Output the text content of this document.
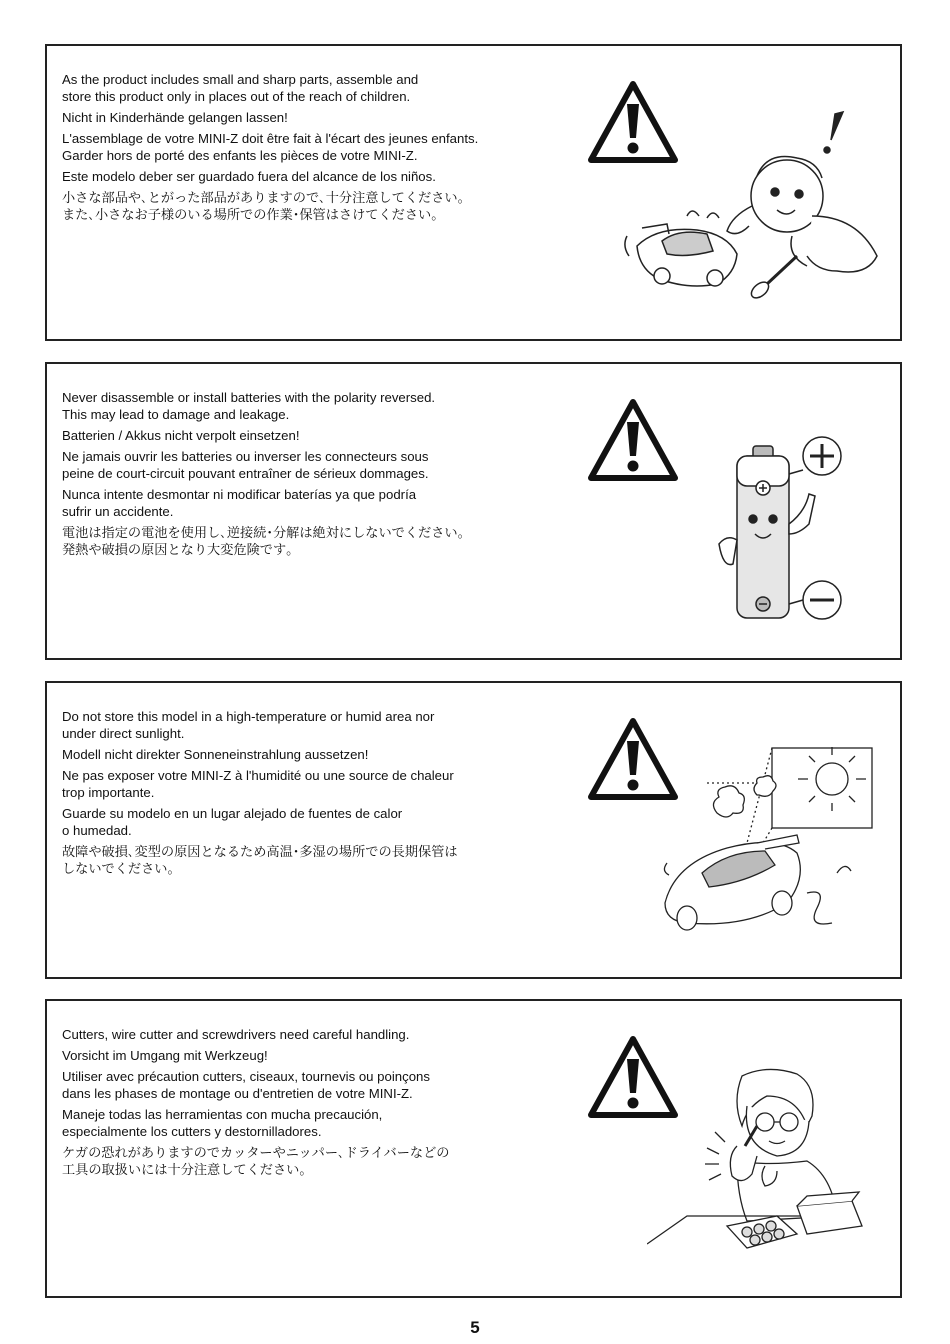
As the product includes small and sharp parts, assemble and
store this product only in places out of the reach of children.

Nicht in Kinderhände gelangen lassen!

L'assemblage de votre MINI-Z doit être fait à l'écart des jeunes enfants.
Garder hors de porté des enfants les pièces de votre MINI-Z.

Este modelo deber ser guardado fuera del alcance de los niños.

小さな部品や､とがった部品がありますので､十分注意してください｡
また､小さなお子様のいる場所での作業･保管はさけてください｡

Never disassemble or install batteries with the polarity reversed.
This may lead to damage and leakage.

Batterien / Akkus nicht verpolt einsetzen!

Ne jamais ouvrir les batteries ou inverser les connecteurs sous
peine de court-circuit pouvant entraîner de sérieux dommages.

Nunca intente desmontar ni modificar baterías ya que podría
sufrir un accidente.

電池は指定の電池を使用し､逆接続･分解は絶対にしないでください｡
発熱や破損の原因となり大変危険です｡

Do not store this model in a high-temperature or humid area nor
under direct sunlight.

Modell nicht direkter Sonneneinstrahlung aussetzen!

Ne pas exposer votre MINI-Z à l'humidité ou une source de chaleur
trop importante.

Guarde su modelo en un lugar alejado de fuentes de calor
o humedad.

故障や破損､変型の原因となるため高温･多湿の場所での長期保管は
しないでください｡

Cutters, wire cutter and screwdrivers need careful handling.

Vorsicht im Umgang mit Werkzeug!

Utiliser avec précaution cutters, ciseaux, tournevis ou poinçons
dans les phases de montage ou d'entretien de votre MINI-Z.

Maneje todas las herramientas con mucha precaución,
especialmente los cutters y destornilladores.

ケガの恐れがありますのでカッターやニッパー､ドライバーなどの
工具の取扱いには十分注意してください｡

5
